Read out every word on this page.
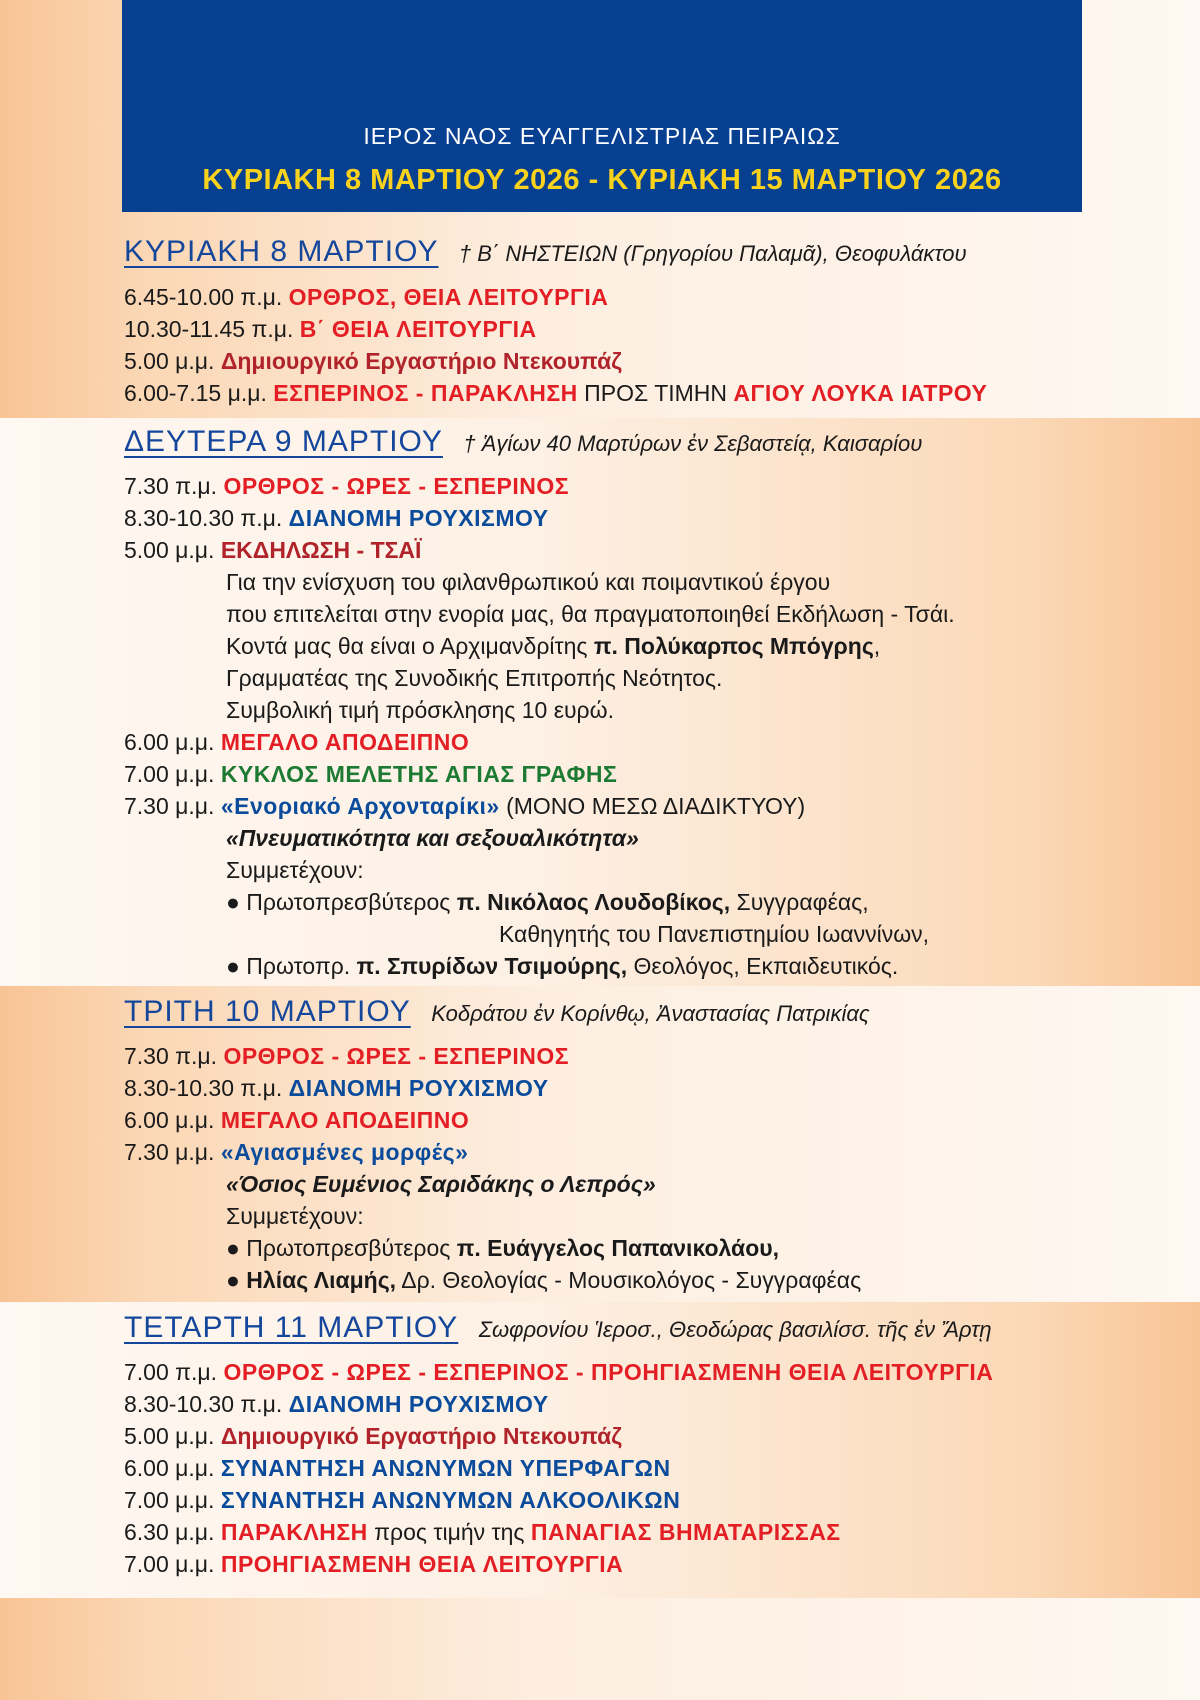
ΙΕΡΟΣ ΝΑΟΣ ΕΥΑΓΓΕΛΙΣΤΡΙΑΣ ΠΕΙΡΑΙΩΣ
ΚΥΡΙΑΚΗ 8 ΜΑΡΤΙΟΥ 2026 - ΚΥΡΙΑΚΗ 15 ΜΑΡΤΙΟΥ 2026
ΚΥΡΙΑΚΗ 8 ΜΑΡΤΙΟΥ † Β΄ ΝΗΣΤΕΙΩΝ (Γρηγορίου Παλαμᾶ), Θεοφυλάκτου
6.45-10.00 π.μ. ΟΡΘΡΟΣ, ΘΕΙΑ ΛΕΙΤΟΥΡΓΙΑ
10.30-11.45 π.μ. Β΄ ΘΕΙΑ ΛΕΙΤΟΥΡΓΙΑ
5.00 μ.μ. Δημιουργικό Εργαστήριο Ντεκουπάζ
6.00-7.15 μ.μ. ΕΣΠΕΡΙΝΟΣ - ΠΑΡΑΚΛΗΣΗ ΠΡΟΣ ΤΙΜΗΝ ΑΓΙΟΥ ΛΟΥΚΑ ΙΑΤΡΟΥ
ΔΕΥΤΕΡΑ 9 ΜΑΡΤΙΟΥ † Ἁγίων 40 Μαρτύρων ἐν Σεβαστείᾳ, Καισαρίου
7.30 π.μ. ΟΡΘΡΟΣ - ΩΡΕΣ - ΕΣΠΕΡΙΝΟΣ
8.30-10.30 π.μ. ΔΙΑΝΟΜΗ ΡΟΥΧΙΣΜΟΥ
5.00 μ.μ. ΕΚΔΗΛΩΣΗ - ΤΣΑΪ
Για την ενίσχυση του φιλανθρωπικού και ποιμαντικού έργου
που επιτελείται στην ενορία μας, θα πραγματοποιηθεί Εκδήλωση - Τσάι.
Κοντά μας θα είναι ο Αρχιμανδρίτης π. Πολύκαρπος Μπόγρης,
Γραμματέας της Συνοδικής Επιτροπής Νεότητος.
Συμβολική τιμή πρόσκλησης 10 ευρώ.
6.00 μ.μ. ΜΕΓΑΛΟ ΑΠΟΔΕΙΠΝΟ
7.00 μ.μ. ΚΥΚΛΟΣ ΜΕΛΕΤΗΣ ΑΓΙΑΣ ΓΡΑΦΗΣ
7.30 μ.μ. «Ενοριακό Αρχονταρίκι» (ΜΟΝΟ ΜΕΣΩ ΔΙΑΔΙΚΤΥΟΥ)
«Πνευματικότητα και σεξουαλικότητα»
Συμμετέχουν:
● Πρωτοπρεσβύτερος π. Νικόλαος Λουδοβίκος, Συγγραφέας,
Καθηγητής του Πανεπιστημίου Ιωαννίνων,
● Πρωτοπρ. π. Σπυρίδων Τσιμούρης, Θεολόγος, Εκπαιδευτικός.
ΤΡΙΤΗ 10 ΜΑΡΤΙΟΥ Κοδράτου ἐν Κορίνθῳ, Ἀναστασίας Πατρικίας
7.30 π.μ. ΟΡΘΡΟΣ - ΩΡΕΣ - ΕΣΠΕΡΙΝΟΣ
8.30-10.30 π.μ. ΔΙΑΝΟΜΗ ΡΟΥΧΙΣΜΟΥ
6.00 μ.μ. ΜΕΓΑΛΟ ΑΠΟΔΕΙΠΝΟ
7.30 μ.μ. «Αγιασμένες μορφές»
«Όσιος Ευμένιος Σαριδάκης ο Λεπρός»
Συμμετέχουν:
● Πρωτοπρεσβύτερος π. Ευάγγελος Παπανικολάου,
● Ηλίας Λιαμής, Δρ. Θεολογίας - Μουσικολόγος - Συγγραφέας
ΤΕΤΑΡΤΗ 11 ΜΑΡΤΙΟΥ Σωφρονίου Ἱεροσ., Θεοδώρας βασιλίσσ. τῆς ἐν Ἄρτῃ
7.00 π.μ. ΟΡΘΡΟΣ - ΩΡΕΣ - ΕΣΠΕΡΙΝΟΣ - ΠΡΟΗΓΙΑΣΜΕΝΗ ΘΕΙΑ ΛΕΙΤΟΥΡΓΙΑ
8.30-10.30 π.μ. ΔΙΑΝΟΜΗ ΡΟΥΧΙΣΜΟΥ
5.00 μ.μ. Δημιουργικό Εργαστήριο Ντεκουπάζ
6.00 μ.μ. ΣΥΝΑΝΤΗΣΗ ΑΝΩΝΥΜΩΝ ΥΠΕΡΦΑΓΩΝ
7.00 μ.μ. ΣΥΝΑΝΤΗΣΗ ΑΝΩΝΥΜΩΝ ΑΛΚΟΟΛΙΚΩΝ
6.30 μ.μ. ΠΑΡΑΚΛΗΣΗ προς τιμήν της ΠΑΝΑΓΙΑΣ ΒΗΜΑΤΑΡΙΣΣΑΣ
7.00 μ.μ. ΠΡΟΗΓΙΑΣΜΕΝΗ ΘΕΙΑ ΛΕΙΤΟΥΡΓΙΑ
